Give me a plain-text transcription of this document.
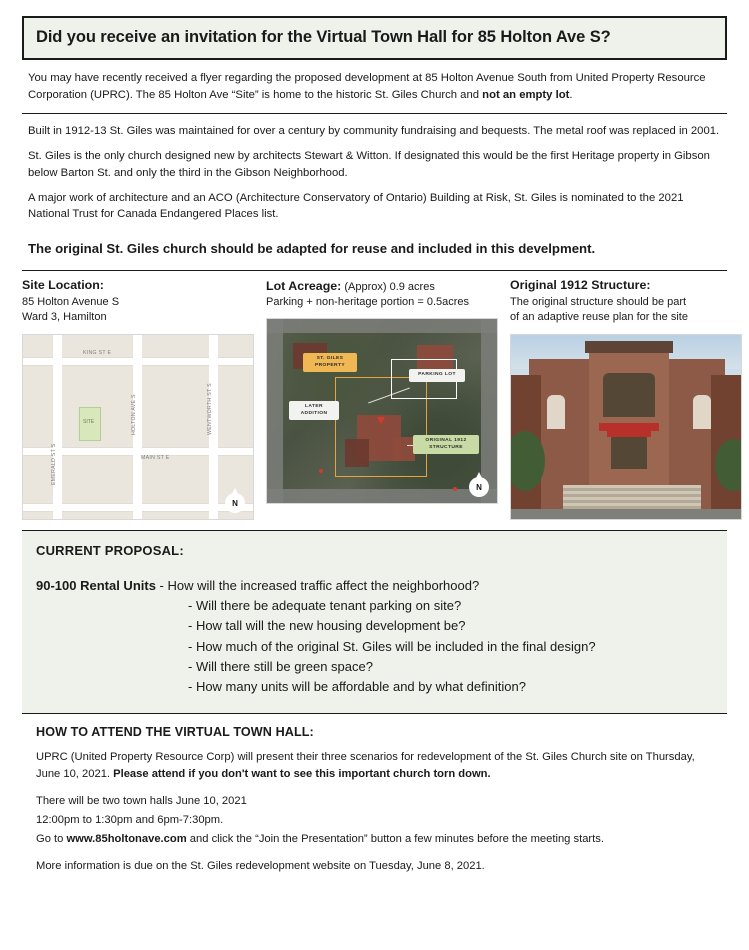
Did you receive an invitation for the Virtual Town Hall for 85 Holton Ave S?
You may have recently received a flyer regarding the proposed development at 85 Holton Avenue South from United Property Resource Corporation (UPRC). The 85 Holton Ave “Site” is home to the historic St. Giles Church and not an empty lot.
Built in 1912-13 St. Giles was maintained for over a century by community fundraising and bequests. The metal roof was replaced in 2001.
St. Giles is the only church designed new by architects Stewart & Witton. If designated this would be the first Heritage property in Gibson below Barton St. and only the third in the Gibson Neighborhood.
A major work of architecture and an ACO (Architecture Conservatory of Ontario) Building at Risk, St. Giles is nominated to the 2021 National Trust for Canada Endangered Places list.
The original St. Giles church should be adapted for reuse and included in this develpment.
Site Location:
85 Holton Avenue S
Ward 3, Hamilton
KING ST E
MAIN ST E
EMERALD ST S
HOLTON AVE S	WENTWORTH ST S
SITE
N
Lot Acreage: (Approx) 0.9 acres
Parking + non-heritage portion = 0.5acres
ST. GILES PROPERTY
PARKING LOT
LATER ADDITION
ORIGINAL 1912 STRUCTURE
N
Original 1912 Structure:
The original structure should be part
of an adaptive reuse plan for the site
CURRENT PROPOSAL:
90-100 Rental Units - How will the increased traffic affect the neighborhood?
- Will there be adequate tenant parking on site?
- How tall will the new housing development be?
- How much of the original St. Giles will be included in the final design?
- Will there still be green space?
- How many units will be affordable and by what definition?
HOW TO ATTEND THE VIRTUAL TOWN HALL:

UPRC (United Property Resource Corp) will present their three scenarios for redevelopment of the St. Giles Church site on Thursday, June 10, 2021. Please attend if you don't want to see this important church torn down.

There will be two town halls June 10, 2021

12:00pm to 1:30pm and 6pm-7:30pm.

Go to www.85holtonave.com and click the “Join the Presentation” button a few minutes before the meeting starts.

More information is due on the St. Giles redevelopment website on Tuesday, June 8, 2021.
